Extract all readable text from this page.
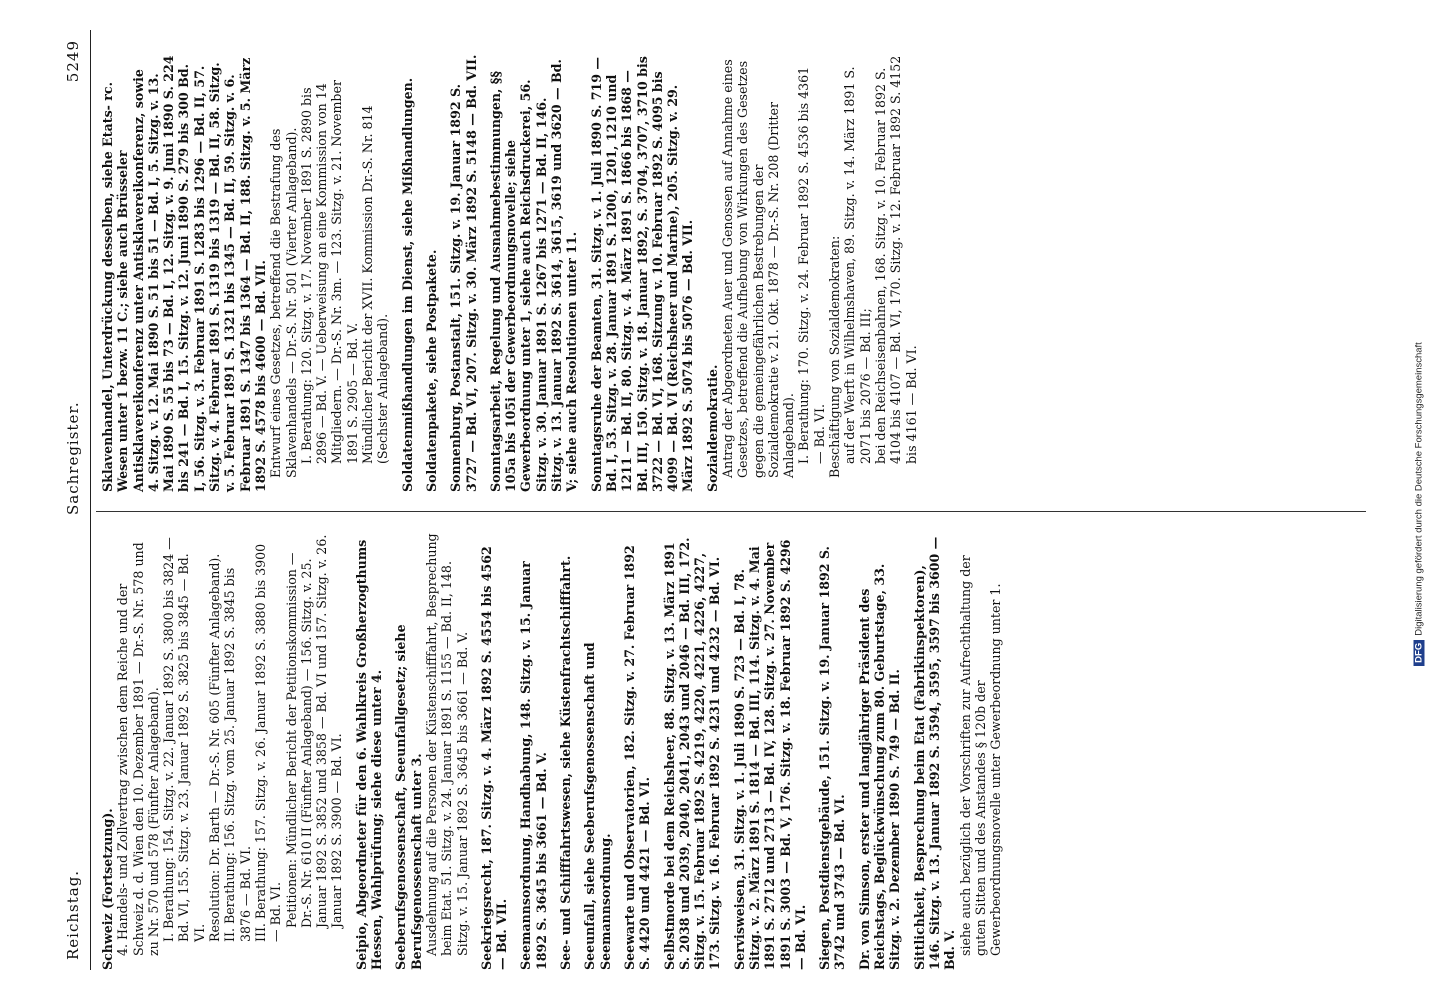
Reichstag.
Sachregister.
5249
Schweiz (Fortsetzung). 4. Handels- und Zollvertrag zwischen dem Reiche und der Schweiz d. d. Wien den 10. Dezember 1891 — Dr.-S. Nr. 578 und zu Nr. 570 und 578 (Fünfter Anlageband). I. Berathung: 154. Sitzg. v. 22. Januar 1892 S. 3800 bis 3824 — Bd. VI, 155. Sitzg. v. 23. Januar 1892 S. 3825 bis 3845 — Bd. VI. Resolution: Dr. Barth — Dr.-S. Nr. 605 (Fünfter Anlageband). II. Berathung: 156. Sitzg. vom 25. Januar 1892 S. 3845 bis 3876 — Bd. VI. III. Berathung: 157. Sitzg. v. 26. Januar 1892 S. 3880 bis 3900 — Bd. VI. Petitionen: Mündlicher Bericht der Petitionskommission — Dr.-S. Nr. 610 II (Fünfter Anlageband) — 156. Sitzg. v. 25. Januar 1892 S. 3852 und 3858 — Bd. VI und 157. Sitzg. v. 26. Januar 1892 S. 3900 — Bd. VI. Seipio, Abgeordneter für den 6. Wahlkreis Großherzogthums Hessen, Wahlprüfung; siehe diese unter 4. Seeberufsgenossenschaft, Seeunfallgesetz; siehe Berufsgenossenschaft unter 3. Ausdehnung auf die Personen der Küstenschifffahrt, Besprechung beim Etat. 51. Sitzg. v. 24. Januar 1891 S. 1155 — Bd. II, 148. Sitzg. v. 15. Januar 1892 S. 3645 bis 3661 — Bd. V. Seekriegsrecht, 187. Sitzg. v. 4. März 1892 S. 4554 bis 4562 — Bd. VII. Seemannsordnung, Handhabung, 148. Sitzg. v. 15. Januar 1892 S. 3645 bis 3661 — Bd. V. See- und Schifffahrtswesen, siehe Küstenfrachtschifffahrt. Seeunfall, siehe Seeberufsgenossenschaft und Seemannsordnung. Seewarte und Observatorien, 182. Sitzg. v. 27. Februar 1892 S. 4420 und 4421 — Bd. VI. Selbstmorde bei dem Reichsheer, 88. Sitzg. v. 13. März 1891 S. 2038 und 2039, 2040, 2041, 2043 und 2046 — Bd. III, 172. Sitzg. v. 15. Februar 1892 S. 4219, 4220, 4221, 4226, 4227, 173. Sitzg. v. 16. Februar 1892 S. 4231 und 4232 — Bd. VI. Servisweisen, 31. Sitzg. v. 1. Juli 1890 S. 723 — Bd. I, 78. Sitzg. v. 2. März 1891 S. 1814 — Bd. III, 114. Sitzg. v. 4. Mai 1891 S. 2712 und 2713 — Bd. IV, 128. Sitzg. v. 27. November 1891 S. 3003 — Bd. V, 176. Sitzg. v. 18. Februar 1892 S. 4296 — Bd. VI. Siegen, Postdienstgebäude, 151. Sitzg. v. 19. Januar 1892 S. 3742 und 3743 — Bd. VI. Dr. von Simson, erster und langjähriger Präsident des Reichstags, Beglückwünschung zum 80. Geburtstage, 33. Sitzg. v. 2. Dezember 1890 S. 749 — Bd. II. Sittlichkeit, Besprechung beim Etat (Fabrikinspektoren), 146. Sitzg. v. 13. Januar 1892 S. 3594, 3595, 3597 bis 3600 — Bd. V. siehe auch bezüglich der Vorschriften zur Aufrechthaltung der guten Sitten und des Anstandes § 120b der Gewerbeordnungsnovelle unter Gewerbeordnung unter 1.
Sklavenhandel, Unterdrückung desselben, siehe Etats- rc. Wesen unter 1 bezw. 11 C.; siehe auch Brüsseler Antisklavereikonferenz unter Antisklavereikonferenz, sowie 4. Sitzg. v. 12. Mai 1890 S. 51 bis 51 — Bd. I, 5. Sitzg. v. 13. Mai 1890 S. 55 bis 73 — Bd. I, 12. Sitzg. v. 9. Juni 1890 S. 224 bis 241 — Bd. I, 15. Sitzg. v. 12. Juni 1890 S. 279 bis 300 Bd. I, 56. Sitzg. v. 3. Februar 1891 S. 1283 bis 1296 — Bd. II, 57. Sitzg. v. 4. Februar 1891 S. 1319 bis 1319 — Bd. II, 58. Sitzg. v. 5. Februar 1891 S. 1321 bis 1345 — Bd. II, 59. Sitzg. v. 6. Februar 1891 S. 1347 bis 1364 — Bd. II, 188. Sitzg. v. 5. März 1892 S. 4578 bis 4600 — Bd. VII. Entwurf eines Gesetzes, betreffend die Bestrafung des Sklavenhandels — Dr.-S. Nr. 501 (Vierter Anlageband). I. Berathung: 120. Sitzg. v. 17. November 1891 S. 2890 bis 2896 — Bd. V. — Ueberweisung an eine Kommission von 14 Mitgliedern. — Dr.-S. Nr. 3m. — 123. Sitzg. v. 21. November 1891 S. 2905 — Bd. V. Mündlicher Bericht der XVII. Kommission Dr.-S. Nr. 814 (Sechster Anlageband). Soldatenmißhandlungen im Dienst, siehe Mißhandlungen. Soldatenpakete, siehe Postpakete. Sonnenburg, Postanstalt, 151. Sitzg. v. 19. Januar 1892 S. 3727 — Bd. VI, 207. Sitzg. v. 30. März 1892 S. 5148 — Bd. VII. Sonntagsarbeit, Regelung und Ausnahmebestimmungen, §§ 105a bis 105i der Gewerbeordnungsnovelle; siehe Gewerbeordnung unter 1, siehe auch Reichsdruckerei, 56. Sitzg. v. 30. Januar 1891 S. 1267 bis 1271 — Bd. II, 146. Sitzg. v. 13. Januar 1892 S. 3614, 3615, 3619 und 3620 — Bd. V; siehe auch Resolutionen unter 11. Sonntagsruhe der Beamten, 31. Sitzg. v. 1. Juli 1890 S. 719 — Bd. I, 53. Sitzg. v. 28. Januar 1891 S. 1200, 1201, 1210 und 1211 — Bd. II, 80. Sitzg. v. 4. März 1891 S. 1866 bis 1868 — Bd. III, 150. Sitzg. v. 18. Januar 1892, S. 3704, 3707, 3710 bis 3722 — Bd. VI, 168. Sitzung v. 10. Februar 1892 S. 4095 bis 4099 — Bd. VI (Reichsheer und Marine), 205. Sitzg. v. 29. März 1892 S. 5074 bis 5076 — Bd. VII. Sozialdemokratie. Antrag der Abgeordneten Auer und Genossen auf Annahme eines Gesetzes, betreffend die Aufhebung von Wirkungen des Gesetzes gegen die gemeingefährlichen Bestrebungen der Sozialdemokratie v. 21. Okt. 1878 — Dr.-S. Nr. 208 (Dritter Anlageband). I. Berathung: 170. Sitzg. v. 24. Februar 1892 S. 4536 bis 4361 — Bd. VI. Beschäftigung von Sozialdemokraten: auf der Werft in Wilhelmshaven, 89. Sitzg. v. 14. März 1891 S. 2071 bis 2076 — Bd. III; bei den Reichseisenbahnen, 168. Sitzg. v. 10. Februar 1892 S. 4104 bis 4107 — Bd. VI, 170. Sitzg. v. 12. Februar 1892 S. 4152 bis 4161 — Bd. VI.
DFGDigitalisierung gefördert durch die Deutsche Forschungsgemeinschaft
